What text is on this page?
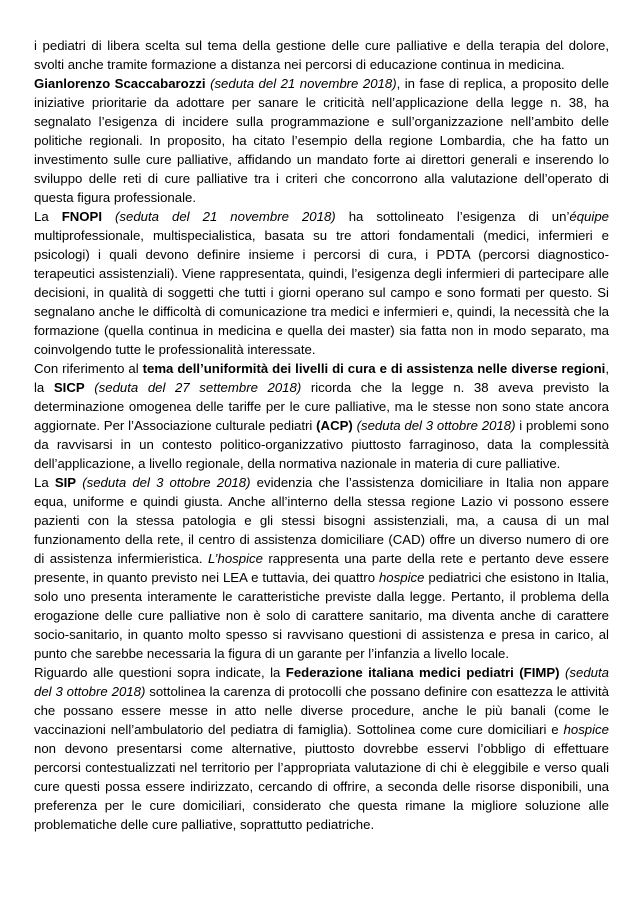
i pediatri di libera scelta sul tema della gestione delle cure palliative e della terapia del dolore, svolti anche tramite formazione a distanza nei percorsi di educazione continua in medicina.

Gianlorenzo Scaccabarozzi (seduta del 21 novembre 2018), in fase di replica, a proposito delle iniziative prioritarie da adottare per sanare le criticità nell’applicazione della legge n. 38, ha segnalato l’esigenza di incidere sulla programmazione e sull’organizzazione nell’ambito delle politiche regionali. In proposito, ha citato l’esempio della regione Lombardia, che ha fatto un investimento sulle cure palliative, affidando un mandato forte ai direttori generali e inserendo lo sviluppo delle reti di cure palliative tra i criteri che concorrono alla valutazione dell’operato di questa figura professionale.

La FNOPI (seduta del 21 novembre 2018) ha sottolineato l’esigenza di un’équipe multiprofessionale, multispecialistica, basata su tre attori fondamentali (medici, infermieri e psicologi) i quali devono definire insieme i percorsi di cura, i PDTA (percorsi diagnostico-terapeutici assistenziali). Viene rappresentata, quindi, l’esigenza degli infermieri di partecipare alle decisioni, in qualità di soggetti che tutti i giorni operano sul campo e sono formati per questo. Si segnalano anche le difficoltà di comunicazione tra medici e infermieri e, quindi, la necessità che la formazione (quella continua in medicina e quella dei master) sia fatta non in modo separato, ma coinvolgendo tutte le professionalità interessate.

Con riferimento al tema dell’uniformità dei livelli di cura e di assistenza nelle diverse regioni, la SICP (seduta del 27 settembre 2018) ricorda che la legge n. 38 aveva previsto la determinazione omogenea delle tariffe per le cure palliative, ma le stesse non sono state ancora aggiornate. Per l’Associazione culturale pediatri (ACP) (seduta del 3 ottobre 2018) i problemi sono da ravvisarsi in un contesto politico-organizzativo piuttosto farraginoso, data la complessità dell’applicazione, a livello regionale, della normativa nazionale in materia di cure palliative.

La SIP (seduta del 3 ottobre 2018) evidenzia che l’assistenza domiciliare in Italia non appare equa, uniforme e quindi giusta. Anche all’interno della stessa regione Lazio vi possono essere pazienti con la stessa patologia e gli stessi bisogni assistenziali, ma, a causa di un mal funzionamento della rete, il centro di assistenza domiciliare (CAD) offre un diverso numero di ore di assistenza infermieristica. L’hospice rappresenta una parte della rete e pertanto deve essere presente, in quanto previsto nei LEA e tuttavia, dei quattro hospice pediatrici che esistono in Italia, solo uno presenta interamente le caratteristiche previste dalla legge. Pertanto, il problema della erogazione delle cure palliative non è solo di carattere sanitario, ma diventa anche di carattere socio-sanitario, in quanto molto spesso si ravvisano questioni di assistenza e presa in carico, al punto che sarebbe necessaria la figura di un garante per l’infanzia a livello locale.

Riguardo alle questioni sopra indicate, la Federazione italiana medici pediatri (FIMP) (seduta del 3 ottobre 2018) sottolinea la carenza di protocolli che possano definire con esattezza le attività che possano essere messe in atto nelle diverse procedure, anche le più banali (come le vaccinazioni nell’ambulatorio del pediatra di famiglia). Sottolinea come cure domiciliari e hospice non devono presentarsi come alternative, piuttosto dovrebbe esservi l’obbligo di effettuare percorsi contestualizzati nel territorio per l’appropriata valutazione di chi è eleggibile e verso quali cure questi possa essere indirizzato, cercando di offrire, a seconda delle risorse disponibili, una preferenza per le cure domiciliari, considerato che questa rimane la migliore soluzione alle problematiche delle cure palliative, soprattutto pediatriche.
